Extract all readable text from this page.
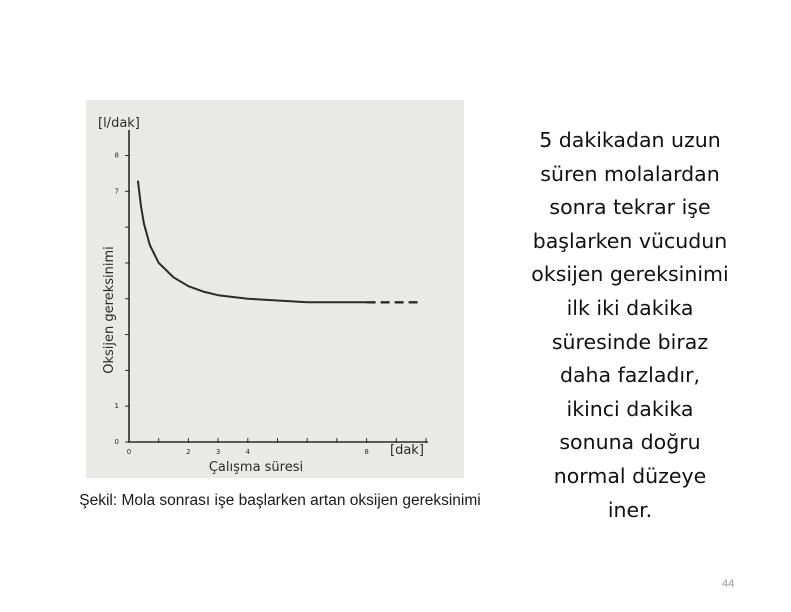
0	2	3	4	8
0
1
7
8
[l/dak]
Oksijen gereksinimi
Çalışma süresi
[dak]
Şekil: Mola sonrası işe başlarken artan oksijen gereksinimi
5 dakikadan uzun
süren molalardan
sonra tekrar işe
başlarken vücudun
oksijen gereksinimi
ilk iki dakika
süresinde biraz
daha fazladır,
ikinci dakika
sonuna doğru
normal düzeye
iner.
44
